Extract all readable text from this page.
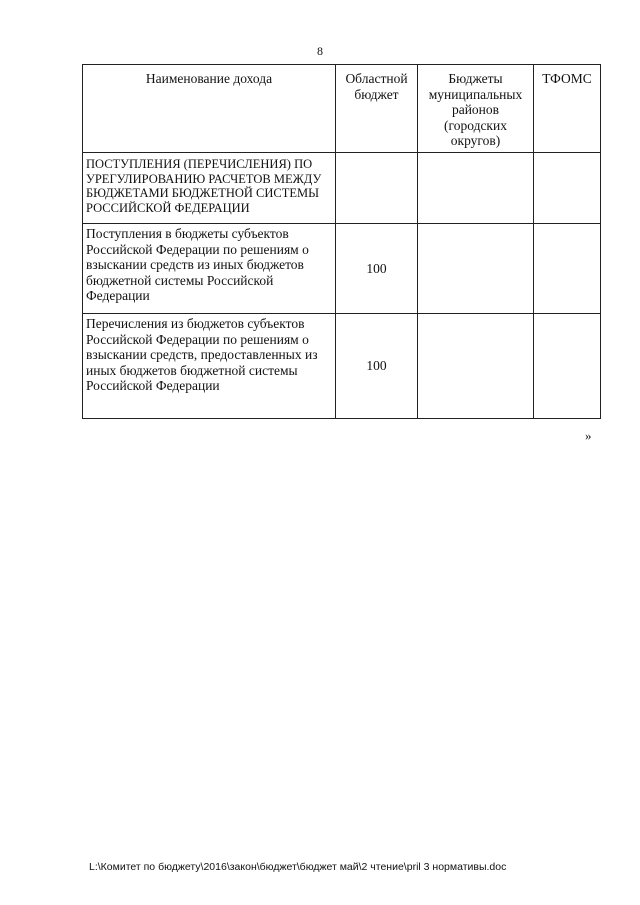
8
Наименование дохода	Областной бюджет	Бюджеты муниципальных районов (городских округов)	ТФОМС
ПОСТУПЛЕНИЯ (ПЕРЕЧИСЛЕНИЯ) ПО УРЕГУЛИРОВАНИЮ РАСЧЕТОВ МЕЖДУ БЮДЖЕТАМИ БЮДЖЕТНОЙ СИСТЕМЫ РОССИЙСКОЙ ФЕДЕРАЦИИ			
Поступления в бюджеты субъектов Российской Федерации по решениям о взыскании средств из иных бюджетов бюджетной системы Российской Федерации	100		
Перечисления из бюджетов субъектов Российской Федерации по решениям о взыскании средств, предоставленных из иных бюджетов бюджетной системы Российской Федерации	100		
»
L:\Комитет по бюджету\2016\закон\бюджет\бюджет май\2 чтение\pril 3 нормативы.doc
